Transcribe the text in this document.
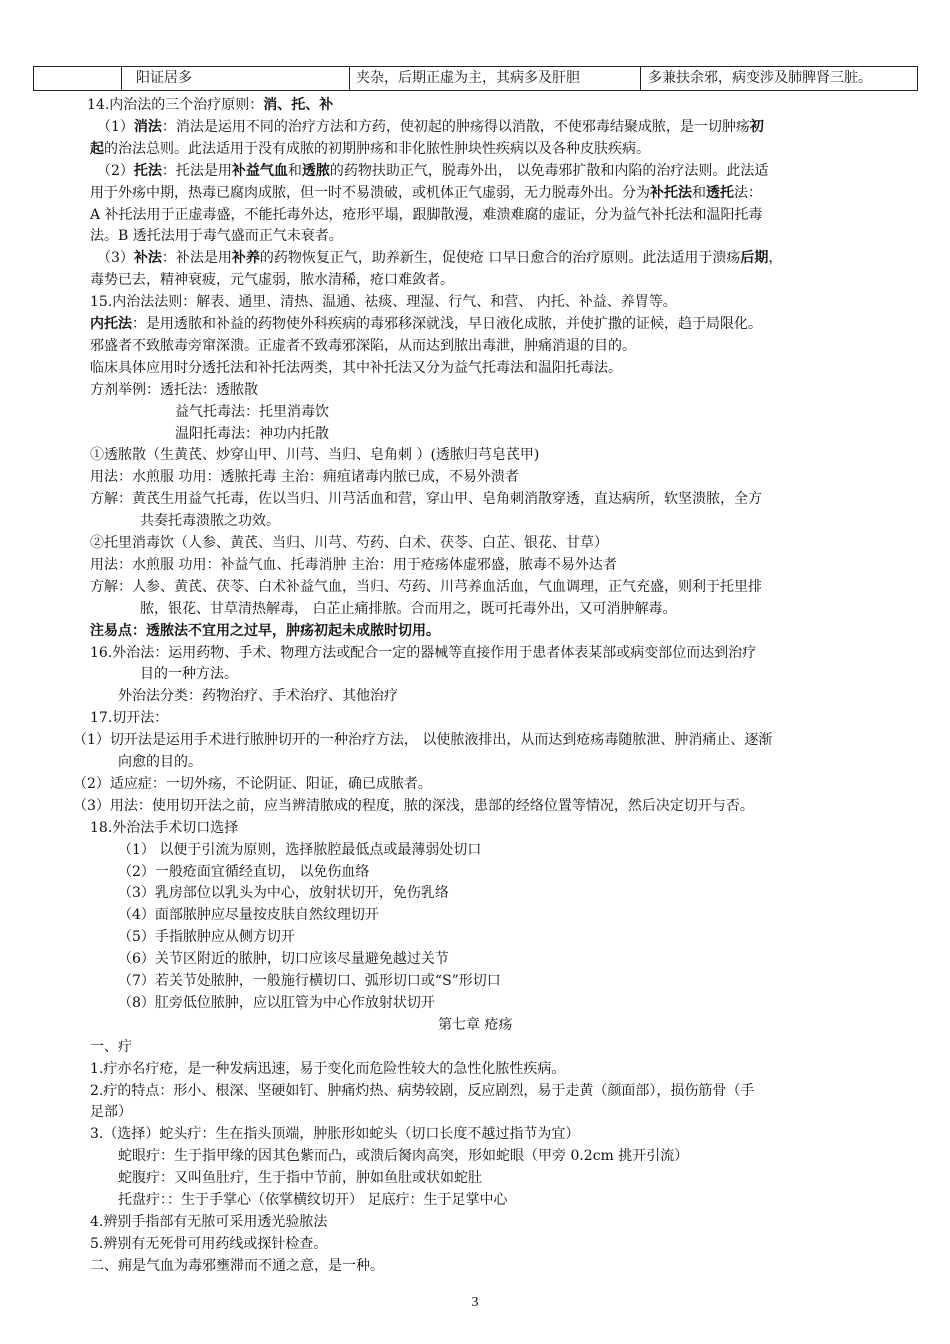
阳证居多	夹杂，后期正虚为主，其病多及肝胆	多兼扶余邪，病变涉及肺脾肾三脏。
14.内治法的三个治疗原则：消、托、补
（1）消法：消法是运用不同的治疗方法和方药，使初起的肿疡得以消散，不使邪毒结聚成脓，是一切肿疡初
起的治法总则。此法适用于没有成脓的初期肿疡和非化脓性肿块性疾病以及各种皮肤疾病。
（2）托法：托法是用补益气血和透脓的药物扶助正气，脱毒外出， 以免毒邪扩散和内陷的治疗法则。此法适
用于外疡中期，热毒已腐肉成脓，但一时不易溃破，或机体正气虚弱，无力脱毒外出。分为补托法和透托法：
A 补托法用于正虚毒盛，不能托毒外达，疮形平塌，跟脚散漫，难溃难腐的虚证，分为益气补托法和温阳托毒
法。B 透托法用于毒气盛而正气未衰者。
（3）补法：补法是用补养的药物恢复正气，助养新生，促使疮 口早日愈合的治疗原则。此法适用于溃疡后期，
毒势已去，精神衰疲，元气虚弱，脓水清稀，疮口难敛者。
15.内治法法则：解表、通里、清热、温通、祛痰、理湿、行气、和营、 内托、补益、养胃等。
内托法：是用透脓和补益的药物使外科疾病的毒邪移深就浅，早日液化成脓，并使扩撒的证候，趋于局限化。
邪盛者不致脓毒旁窜深溃。正虚者不致毒邪深陷，从而达到脓出毒泄，肿痛消退的目的。
临床具体应用时分透托法和补托法两类，其中补托法又分为益气托毒法和温阳托毒法。
方剂举例：透托法：透脓散
益气托毒法：托里消毒饮
温阳托毒法：神功内托散
①透脓散（生黄芪、炒穿山甲、川芎、当归、皂角刺 ）(透脓归芎皂芪甲)
用法：水煎服 功用：透脓托毒 主治：痈疽诸毒内脓已成，不易外溃者
方解：黄芪生用益气托毒，佐以当归、川芎活血和营，穿山甲、皂角刺消散穿透，直达病所，软坚溃脓，全方
共奏托毒溃脓之功效。
②托里消毒饮（人参、黄芪、当归、川芎、芍药、白术、茯苓、白芷、银花、甘草）
用法：水煎服 功用：补益气血、托毒消肿 主治：用于疮疡体虚邪盛，脓毒不易外达者
方解：人参、黄芪、茯苓、白术补益气血，当归、芍药、川芎养血活血，气血调理，正气充盛，则利于托里排
脓，银花、甘草清热解毒， 白芷止痛排脓。合而用之，既可托毒外出，又可消肿解毒。
注易点：透脓法不宜用之过早，肿疡初起未成脓时切用。
16.外治法：运用药物、手术、物理方法或配合一定的器械等直接作用于患者体表某部或病变部位而达到治疗
目的一种方法。
外治法分类：药物治疗、手术治疗、其他治疗
17.切开法：
（1）切开法是运用手术进行脓肿切开的一种治疗方法， 以使脓液排出，从而达到疮疡毒随脓泄、肿消痛止、逐渐
向愈的目的。
（2）适应症：一切外疡，不论阴证、阳证，确已成脓者。
（3）用法：使用切开法之前，应当辨清脓成的程度，脓的深浅，患部的经络位置等情况，然后决定切开与否。
18.外治法手术切口选择
（1） 以便于引流为原则，选择脓腔最低点或最薄弱处切口
（2）一般疮面宜循经直切， 以免伤血络
（3）乳房部位以乳头为中心，放射状切开，免伤乳络
（4）面部脓肿应尽量按皮肤自然纹理切开
（5）手指脓肿应从侧方切开
（6）关节区附近的脓肿，切口应该尽量避免越过关节
（7）若关节处脓肿，一般施行横切口、弧形切口或“S”形切口
（8）肛旁低位脓肿，应以肛管为中心作放射状切开
第七章 疮疡
一、疔
1.疔亦名疔疮，是一种发病迅速，易于变化而危险性较大的急性化脓性疾病。
2.疔的特点：形小、根深、坚硬如钉、肿痛灼热、病势较剧，反应剧烈，易于走黄（颜面部），损伤筋骨（手
足部）
3.（选择）蛇头疔：生在指头顶端，肿胀形如蛇头（切口长度不越过指节为宜）
蛇眼疔：生于指甲缘的因其色紫而凸，或溃后胬肉高突，形如蛇眼（甲旁 0.2cm 挑开引流）
蛇腹疔：又叫鱼肚疔，生于指中节前，肿如鱼肚或状如蛇肚
托盘疔：：生于手掌心（依掌横纹切开） 足底疔：生于足掌中心
4.辨别手指部有无脓可采用透光验脓法
5.辨别有无死骨可用药线或探针检查。
二、痈是气血为毒邪壅滞而不通之意，是一种。
3
